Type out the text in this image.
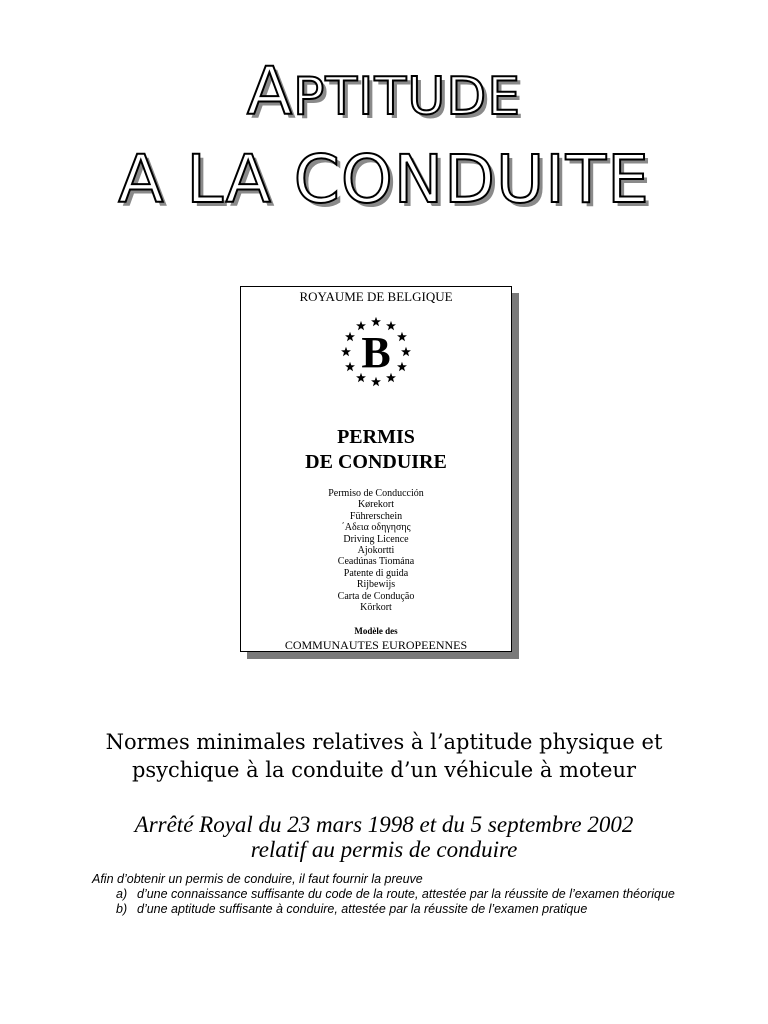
APTITUDE
A LA CONDUITE
ROYAUME DE BELGIQUE
B
PERMIS
DE CONDUIRE
Permiso de Conducción
Kørekort
Führerschein
΄Αδεια οδηγησης
Driving Licence
Ajokortti
Ceadúnas Tiomána
Patente di guida
Rijbewijs
Carta de Condução
Körkort
Modèle des
COMMUNAUTES EUROPEENNES
Normes minimales relatives à l’aptitude physique et
psychique à la conduite d’un véhicule à moteur
Arrêté Royal du 23 mars 1998 et du 5 septembre 2002
relatif au permis de conduire
Afin d’obtenir un permis de conduire, il faut fournir la preuve
a) d’une connaissance suffisante du code de la route, attestée par la réussite de l’examen théorique
b) d’une aptitude suffisante à conduire, attestée par la réussite de l’examen pratique
